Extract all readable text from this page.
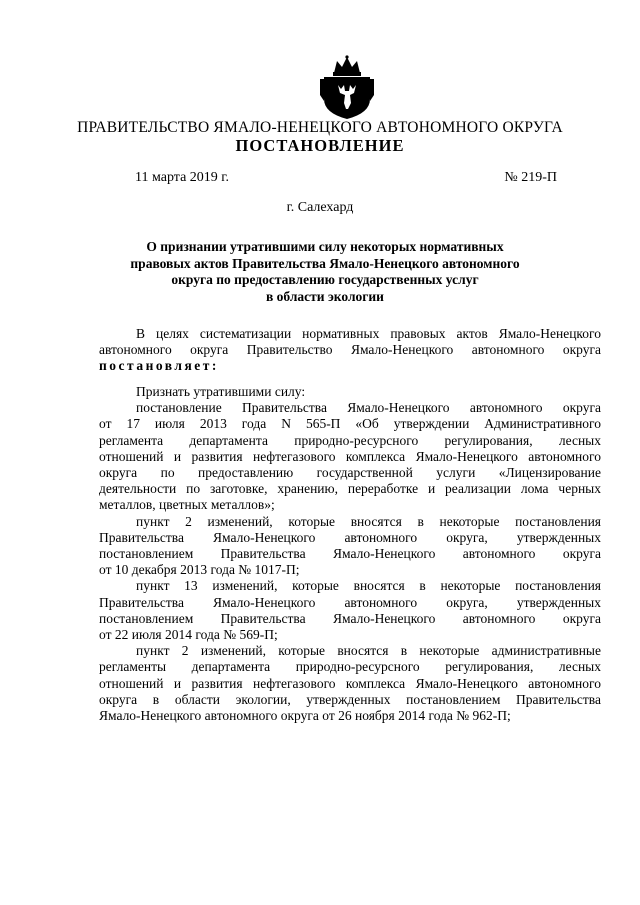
ПРАВИТЕЛЬСТВО ЯМАЛО-НЕНЕЦКОГО АВТОНОМНОГО ОКРУГА
ПОСТАНОВЛЕНИЕ
11 марта 2019 г.	№ 219-П
г. Салехард
О признании утратившими силу некоторых нормативных
правовых актов Правительства Ямало-Ненецкого автономного
округа по предоставлению государственных услуг
в области экологии

В целях систематизации нормативных правовых актов Ямало-Ненецкого

автономного округа Правительство Ямало-Ненецкого автономного округа

постановляет:

Признать утратившими силу:

постановление Правительства Ямало-Ненецкого автономного округа

от 17 июля 2013 года N 565-П «Об утверждении Административного

регламента департамента природно-ресурсного регулирования, лесных

отношений и развития нефтегазового комплекса Ямало-Ненецкого автономного

округа по предоставлению государственной услуги «Лицензирование

деятельности по заготовке, хранению, переработке и реализации лома черных

металлов, цветных металлов»;

пункт 2 изменений, которые вносятся в некоторые постановления

Правительства Ямало-Ненецкого автономного округа, утвержденных

постановлением Правительства Ямало-Ненецкого автономного округа

от 10 декабря 2013 года № 1017-П;

пункт 13 изменений, которые вносятся в некоторые постановления

Правительства Ямало-Ненецкого автономного округа, утвержденных

постановлением Правительства Ямало-Ненецкого автономного округа

от 22 июля 2014 года № 569-П;

пункт 2 изменений, которые вносятся в некоторые административные

регламенты департамента природно-ресурсного регулирования, лесных

отношений и развития нефтегазового комплекса Ямало-Ненецкого автономного

округа в области экологии, утвержденных постановлением Правительства

Ямало-Ненецкого автономного округа от 26 ноября 2014 года № 962-П;
